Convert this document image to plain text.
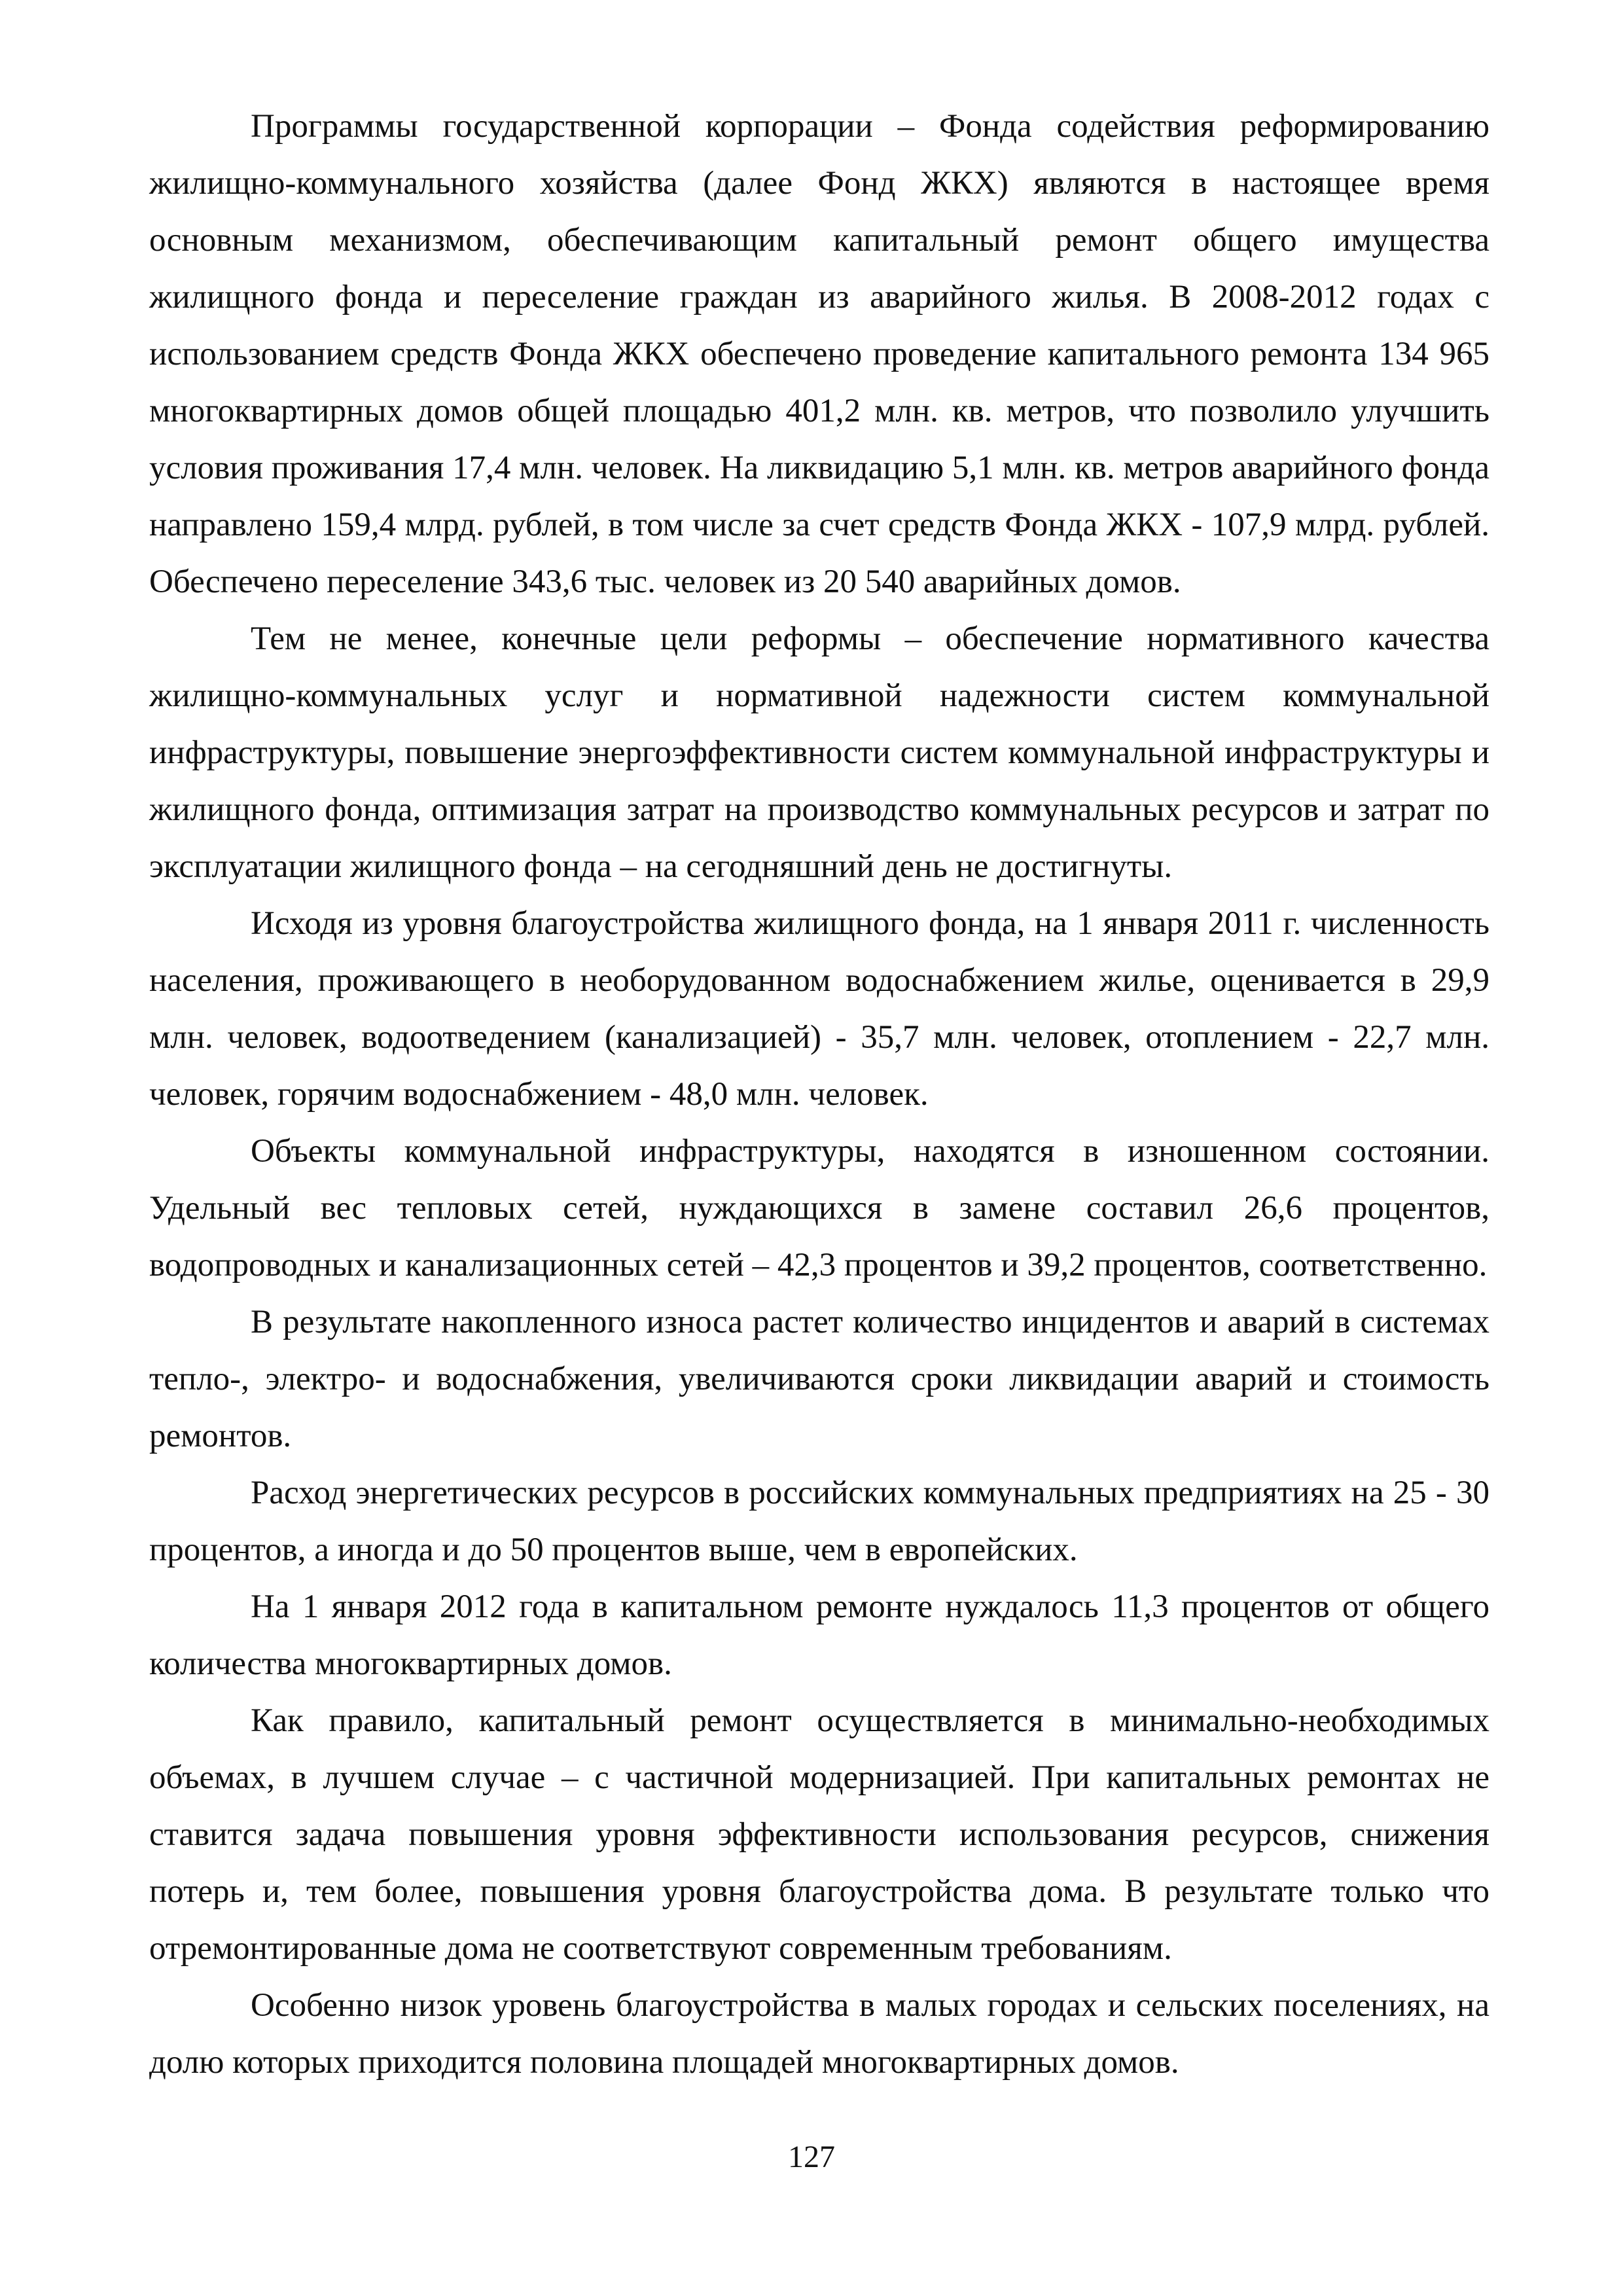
Программы государственной корпорации – Фонда содействия реформированию жилищно-коммунального хозяйства (далее Фонд ЖКХ) являются в настоящее время основным механизмом, обеспечивающим капитальный ремонт общего имущества жилищного фонда и переселение граждан из аварийного жилья. В 2008-2012 годах с использованием средств Фонда ЖКХ обеспечено проведение капитального ремонта 134 965 многоквартирных домов общей площадью 401,2 млн. кв. метров, что позволило улучшить условия проживания 17,4 млн. человек. На ликвидацию 5,1 млн. кв. метров аварийного фонда направлено 159,4 млрд. рублей, в том числе за счет средств Фонда ЖКХ - 107,9 млрд. рублей. Обеспечено переселение 343,6 тыс. человек из 20 540 аварийных домов.

Тем не менее, конечные цели реформы – обеспечение нормативного качества жилищно-коммунальных услуг и нормативной надежности систем коммунальной инфраструктуры, повышение энергоэффективности систем коммунальной инфраструктуры и жилищного фонда, оптимизация затрат на производство коммунальных ресурсов и затрат по эксплуатации жилищного фонда – на сегодняшний день не достигнуты.

Исходя из уровня благоустройства жилищного фонда, на 1 января 2011 г. численность населения, проживающего в необорудованном водоснабжением жилье, оценивается в 29,9 млн. человек, водоотведением (канализацией) - 35,7 млн. человек, отоплением - 22,7 млн. человек, горячим водоснабжением - 48,0 млн. человек.

Объекты коммунальной инфраструктуры, находятся в изношенном состоянии. Удельный вес тепловых сетей, нуждающихся в замене составил 26,6 процентов, водопроводных и канализационных сетей – 42,3 процентов и 39,2 процентов, соответственно.

В результате накопленного износа растет количество инцидентов и аварий в системах тепло-, электро- и водоснабжения, увеличиваются сроки ликвидации аварий и стоимость ремонтов.

Расход энергетических ресурсов в российских коммунальных предприятиях на 25 - 30 процентов, а иногда и до 50 процентов выше, чем в европейских.

На 1 января 2012 года в капитальном ремонте нуждалось 11,3 процентов от общего количества многоквартирных домов.

Как правило, капитальный ремонт осуществляется в минимально-необходимых объемах, в лучшем случае – с частичной модернизацией. При капитальных ремонтах не ставится задача повышения уровня эффективности использования ресурсов, снижения потерь и, тем более, повышения уровня благоустройства дома. В результате только что отремонтированные дома не соответствуют современным требованиям.

Особенно низок уровень благоустройства в малых городах и сельских поселениях, на долю которых приходится половина площадей многоквартирных домов.

127
